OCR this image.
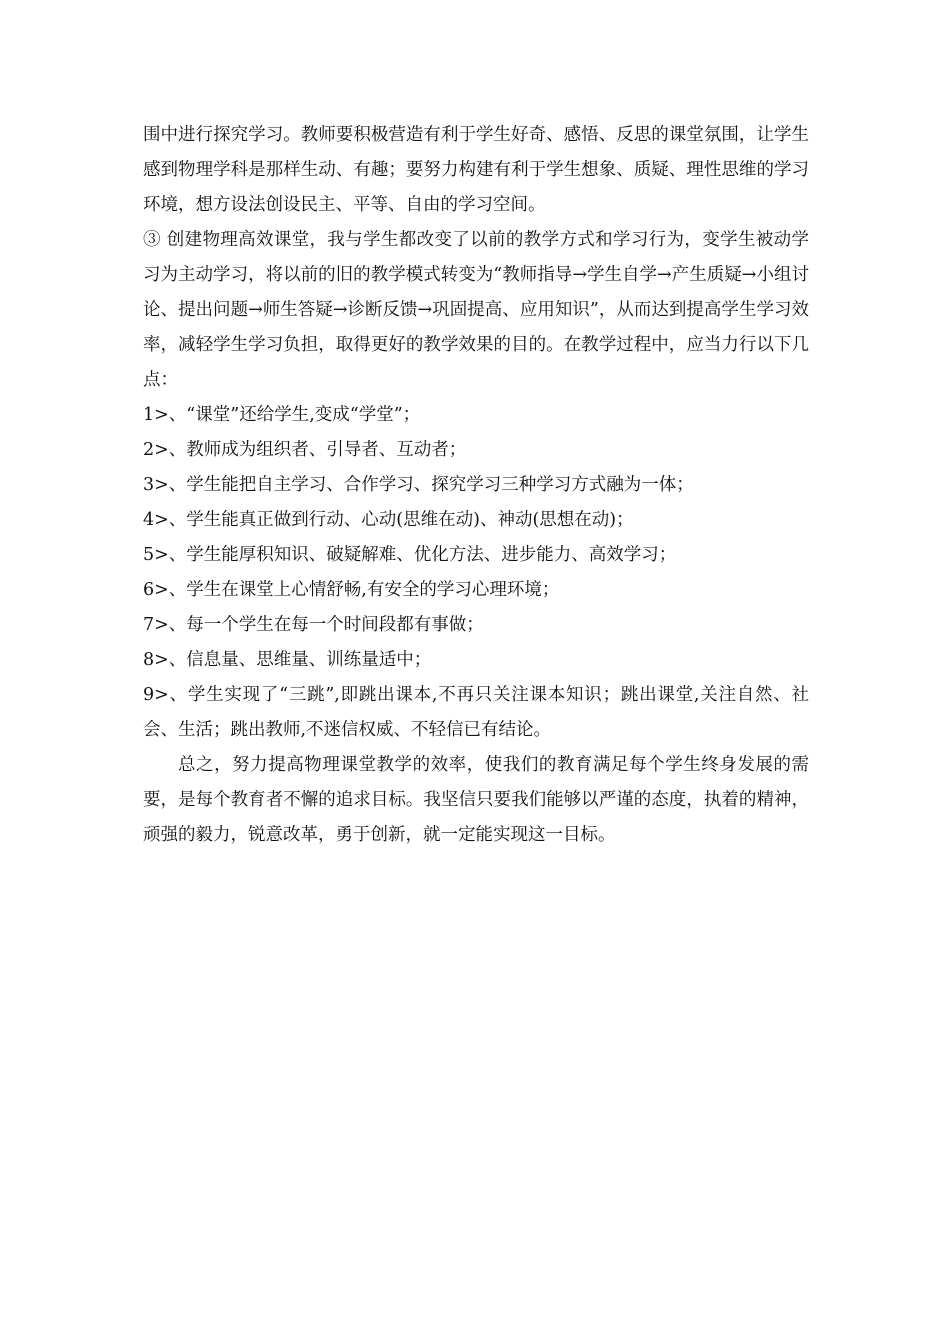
围中进行探究学习。教师要积极营造有利于学生好奇、感悟、反思的课堂氛围，让学生感到物理学科是那样生动、有趣；要努力构建有利于学生想象、质疑、理性思维的学习环境，想方设法创设民主、平等、自由的学习空间。

③ 创建物理高效课堂，我与学生都改变了以前的教学方式和学习行为，变学生被动学习为主动学习，将以前的旧的教学模式转变为“教师指导→学生自学→产生质疑→小组讨论、提出问题→师生答疑→诊断反馈→巩固提高、应用知识”，从而达到提高学生学习效率，减轻学生学习负担，取得更好的教学效果的目的。在教学过程中，应当力行以下几点：

1>、“课堂”还给学生,变成“学堂”；
2>、教师成为组织者、引导者、互动者；
3>、学生能把自主学习、合作学习、探究学习三种学习方式融为一体；
4>、学生能真正做到行动、心动(思维在动)、神动(思想在动)；
5>、学生能厚积知识、破疑解难、优化方法、进步能力、高效学习；
6>、学生在课堂上心情舒畅,有安全的学习心理环境；
7>、每一个学生在每一个时间段都有事做；
8>、信息量、思维量、训练量适中；
9>、学生实现了“三跳”,即跳出课本,不再只关注课本知识；跳出课堂,关注自然、社会、生活；跳出教师,不迷信权威、不轻信已有结论。

总之，努力提高物理课堂教学的效率，使我们的教育满足每个学生终身发展的需要，是每个教育者不懈的追求目标。我坚信只要我们能够以严谨的态度，执着的精神，顽强的毅力，锐意改革，勇于创新，就一定能实现这一目标。
